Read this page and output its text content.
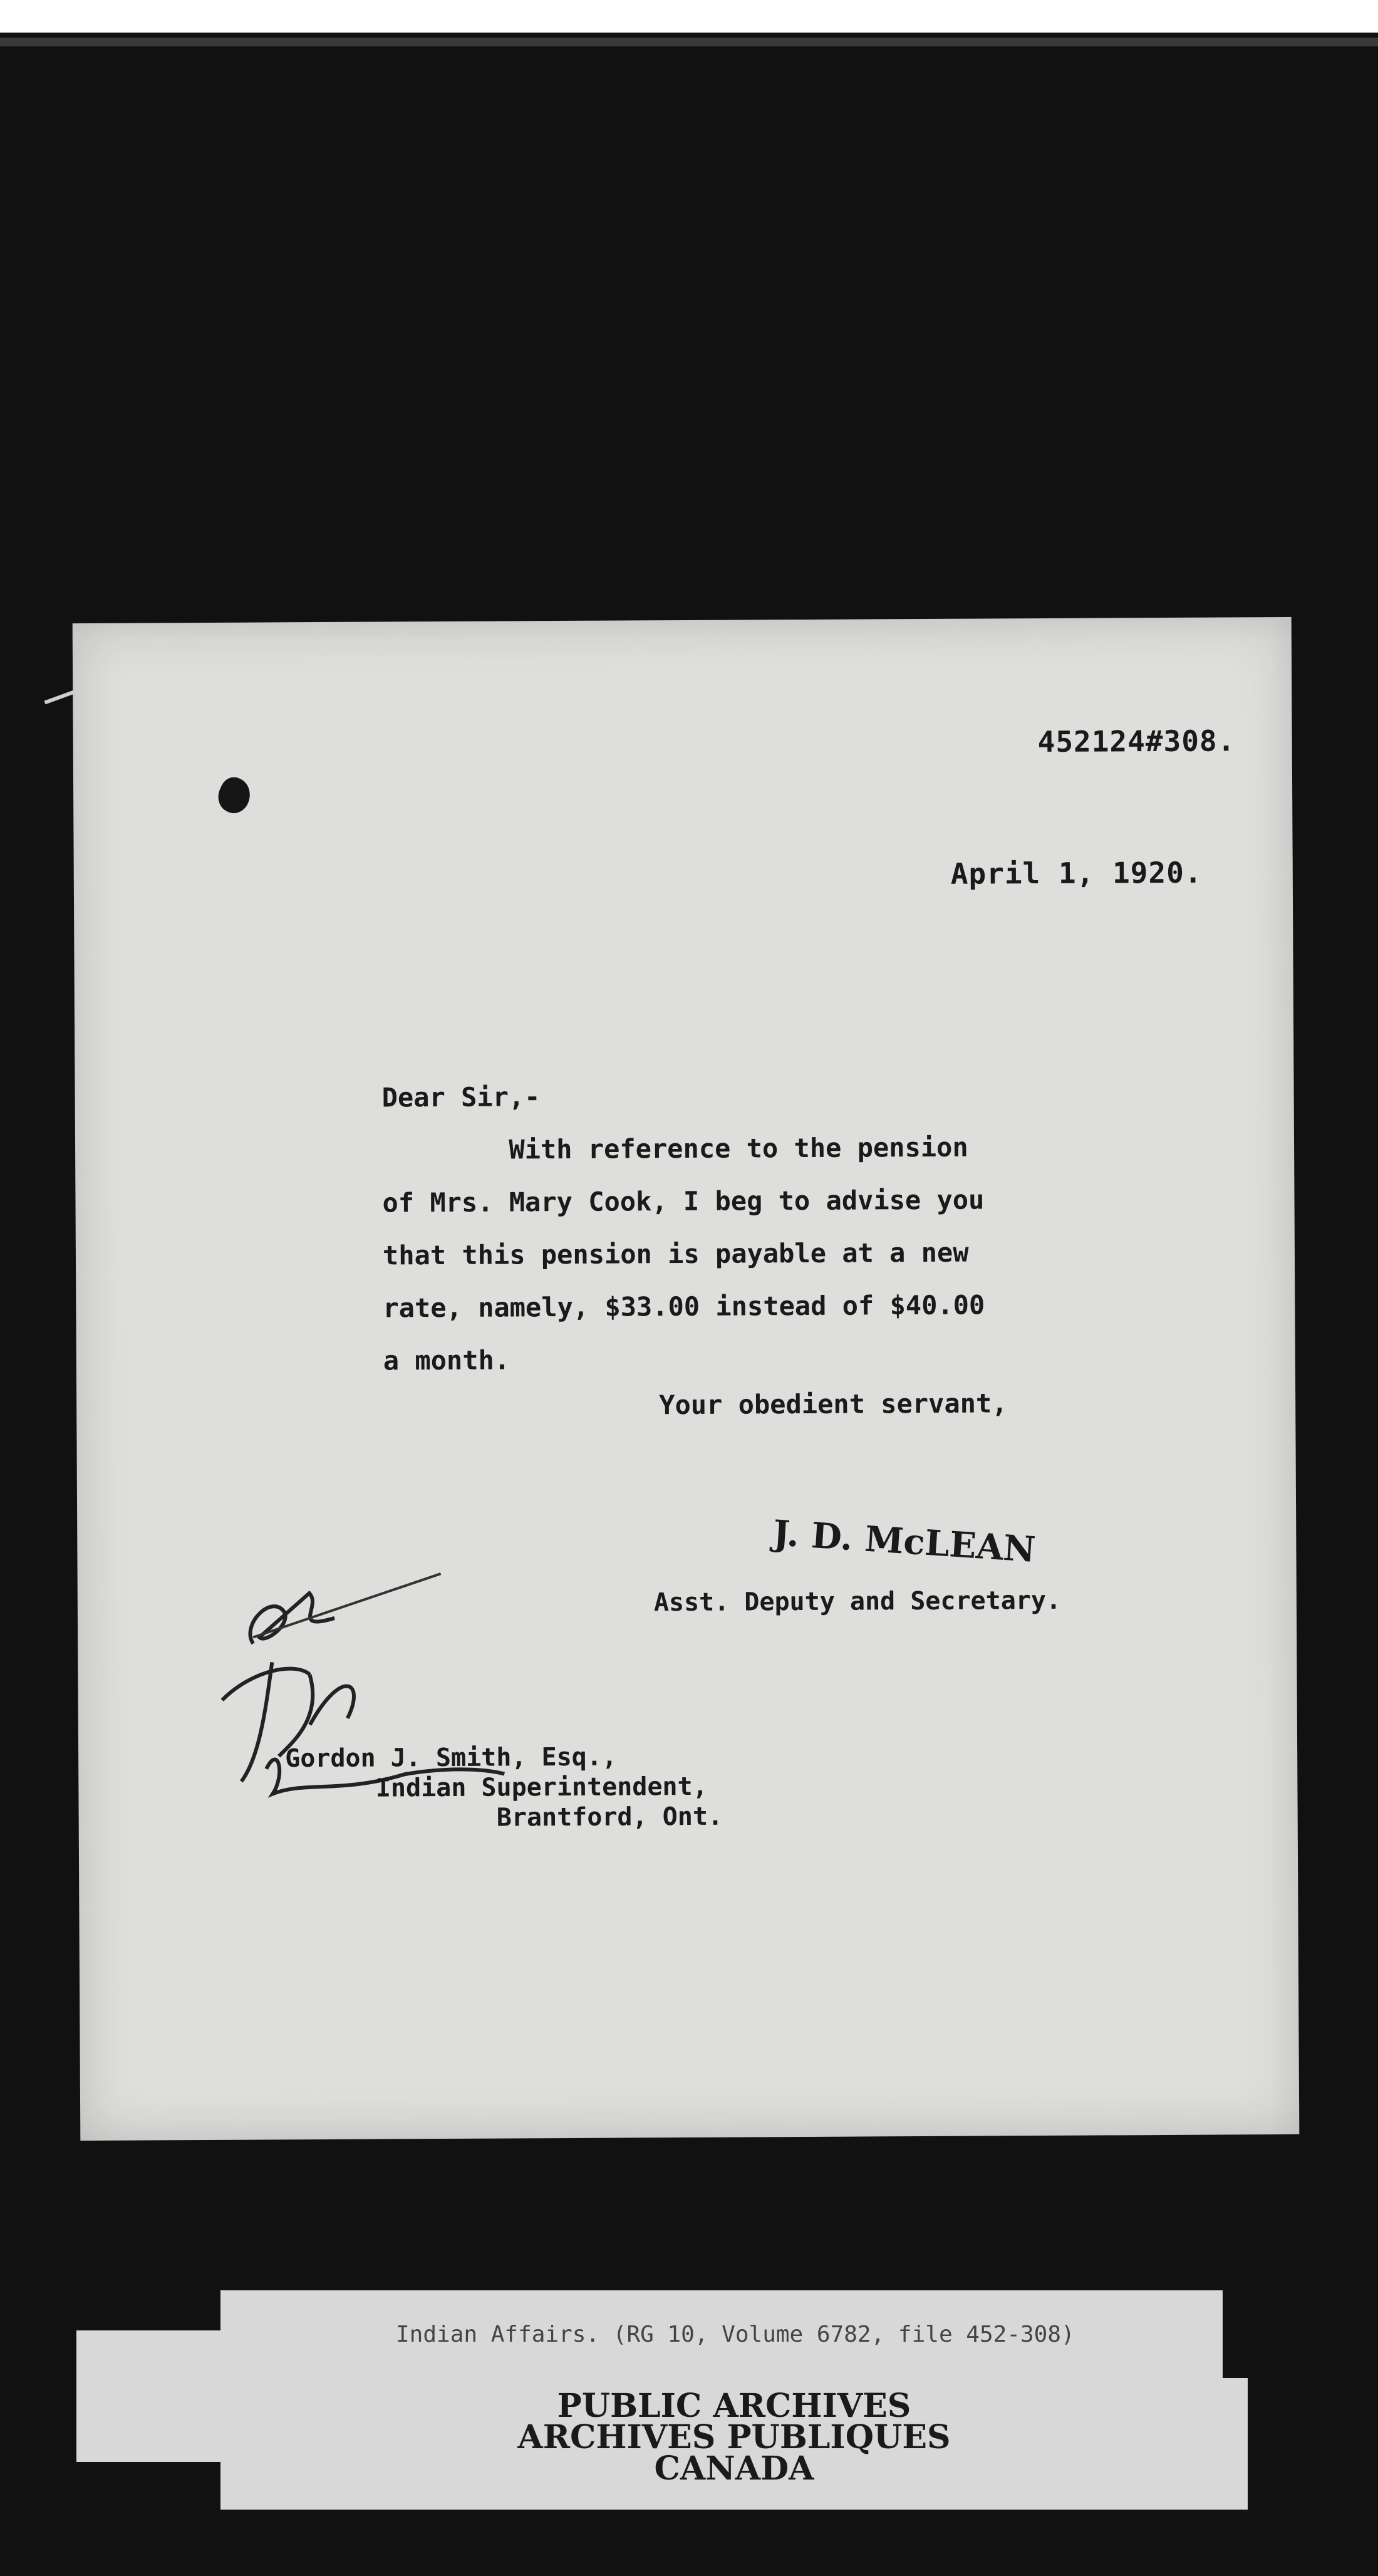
452124#308.
April 1, 1920.
Dear Sir,-
With reference to the pension
of Mrs. Mary Cook, I beg to advise you
that this pension is payable at a new
rate, namely, $33.00 instead of $40.00
a month.
Your obedient servant,
J. D. McLEAN
Asst. Deputy and Secretary.
Gordon J. Smith, Esq.,
Indian Superintendent,
Brantford, Ont.
Indian Affairs. (RG 10, Volume 6782, file 452-308)
PUBLIC ARCHIVES
ARCHIVES PUBLIQUES
CANADA
